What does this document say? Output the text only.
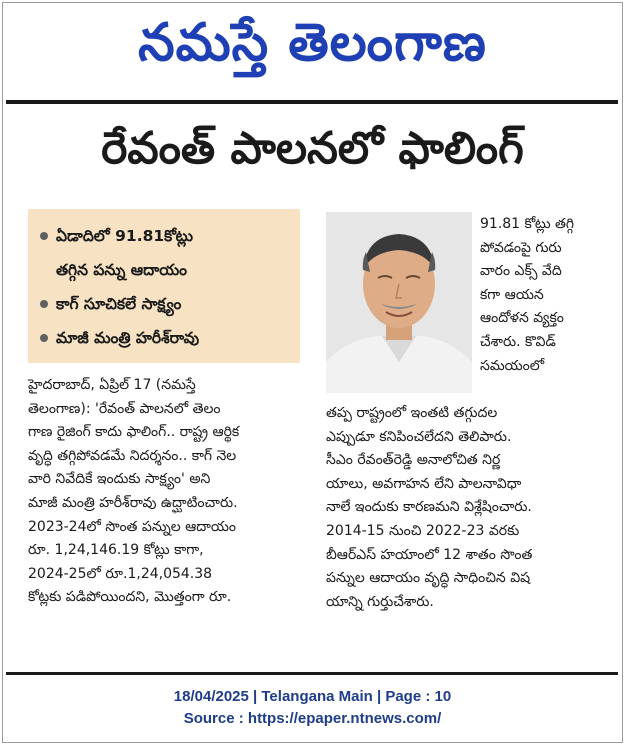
నమస్తే తెలంగాణ
రేవంత్ పాలనలో ఫాలింగ్
ఏడాదిలో 91.81కోట్లు
తగ్గిన పన్ను ఆదాయం
కాగ్ సూచికలే సాక్ష్యం
మాజీ మంత్రి హరీశ్‌రావు
91.81 కోట్లు తగ్గి
పోవడంపై గురు
వారం ఎక్స్ వేది
కగా ఆయన
ఆందోళన వ్యక్తం
చేశారు. కొవిడ్
సమయంలో
హైదరాబాద్, ఏప్రిల్ 17 (నమస్తే
తెలంగాణ): 'రేవంత్ పాలనలో తెలం
గాణ రైజింగ్ కాదు ఫాలింగ్.. రాష్ట్ర ఆర్థిక
వృద్ధి తగ్గిపోవడమే నిదర్శనం.. కాగ్ నెల
వారి నివేదికే ఇందుకు సాక్ష్యం' అని
మాజీ మంత్రి హరీశ్‌రావు ఉద్ఘాటించారు.
2023-24లో సొంత పన్నుల ఆదాయం
రూ. 1,24,146.19 కోట్లు కాగా,
2024-25లో రూ.1,24,054.38
కోట్లకు పడిపోయిందని, మొత్తంగా రూ.
తప్ప రాష్ట్రంలో ఇంతటి తగ్గుదల
ఎప్పుడూ కనిపించలేదని తెలిపారు.
సీఎం రేవంత్‌రెడ్డి అనాలోచిత నిర్ణ
యాలు, అవగాహన లేని పాలనావిధా
నాలే ఇందుకు కారణమని విశ్లేషించారు.
2014-15 నుంచి 2022-23 వరకు
బీఆర్‌ఎస్ హయాంలో 12 శాతం సొంత
పన్నుల ఆదాయం వృద్ధి సాధించిన విష
యాన్ని గుర్తుచేశారు.
18/04/2025 | Telangana Main | Page : 10
Source : https://epaper.ntnews.com/
